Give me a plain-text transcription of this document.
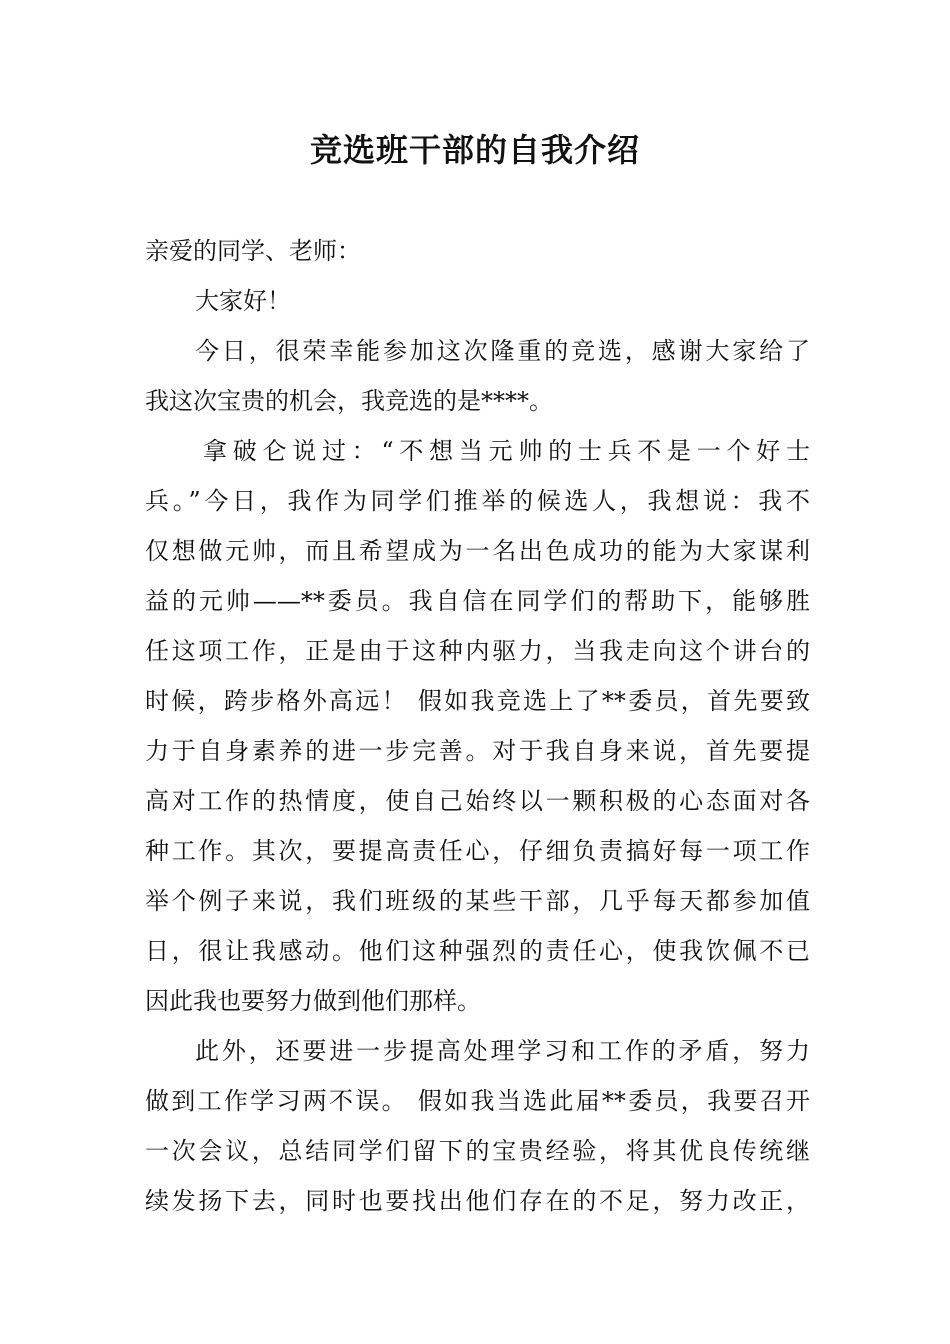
竞选班干部的自我介绍
亲爱的同学、老师：
大家好！
今日，很荣幸能参加这次隆重的竞选，感谢大家给了
我这次宝贵的机会，我竞选的是****。
拿破仑说过：“不想当元帅的士兵不是一个好士
兵。”今日，我作为同学们推举的候选人，我想说：我不
仅想做元帅，而且希望成为一名出色成功的能为大家谋利
益的元帅——**委员。我自信在同学们的帮助下，能够胜
任这项工作，正是由于这种内驱力，当我走向这个讲台的
时候，跨步格外高远！ 假如我竞选上了**委员，首先要致
力于自身素养的进一步完善。对于我自身来说，首先要提
高对工作的热情度，使自己始终以一颗积极的心态面对各
种工作。其次，要提高责任心，仔细负责搞好每一项工作
举个例子来说，我们班级的某些干部，几乎每天都参加值
日，很让我感动。他们这种强烈的责任心，使我饮佩不已
因此我也要努力做到他们那样。
此外，还要进一步提高处理学习和工作的矛盾，努力
做到工作学习两不误。 假如我当选此届**委员，我要召开
一次会议，总结同学们留下的宝贵经验，将其优良传统继
续发扬下去，同时也要找出他们存在的不足，努力改正，
